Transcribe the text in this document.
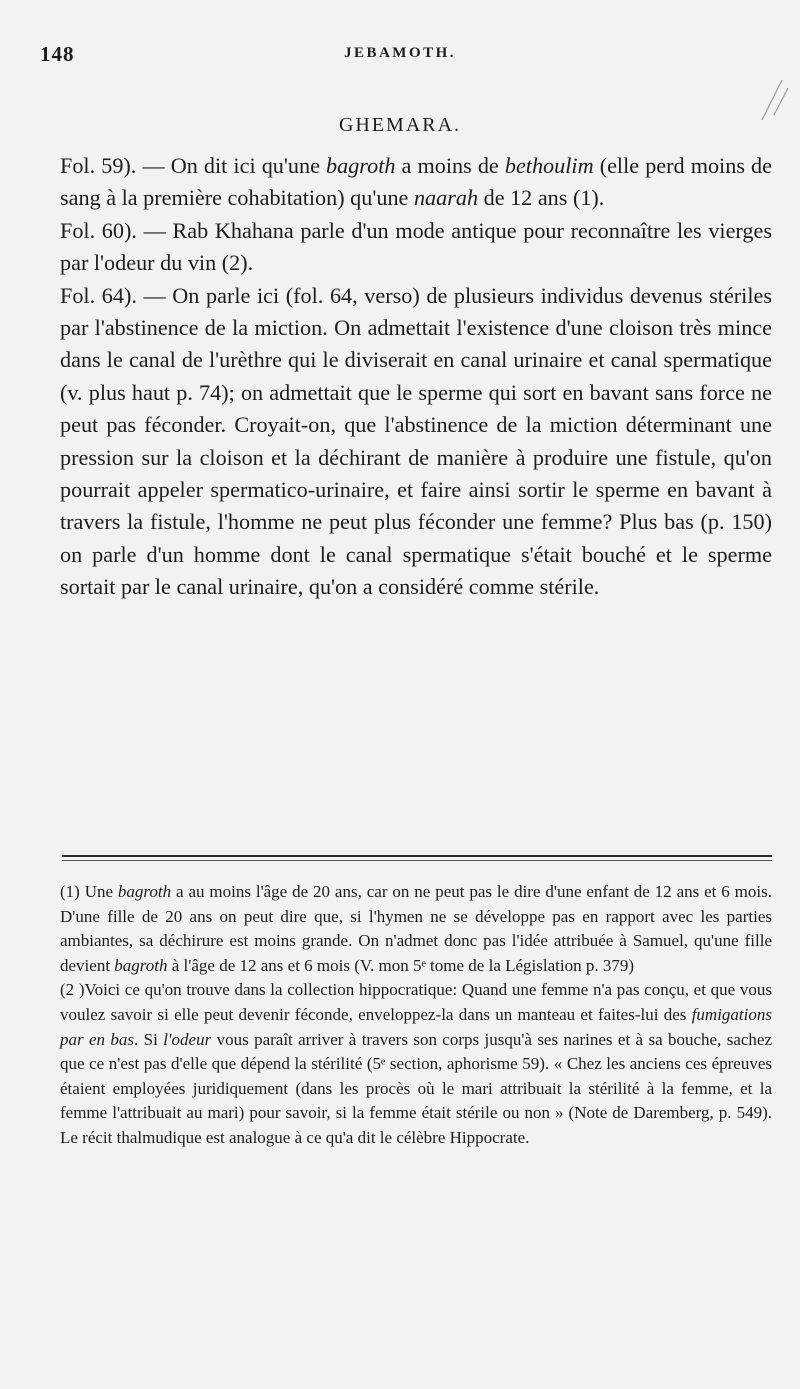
148	JEBAMOTH.
GHEMARA.

Fol. 59). — On dit ici qu'une bagroth a moins de bethoulim (elle perd moins de sang à la première cohabitation) qu'une naarah de 12 ans (1).

Fol. 60). — Rab Khahana parle d'un mode antique pour reconnaître les vierges par l'odeur du vin (2).

Fol. 64). — On parle ici (fol. 64, verso) de plusieurs individus devenus stériles par l'abstinence de la miction. On admettait l'existence d'une cloison très mince dans le canal de l'urèthre qui le diviserait en canal urinaire et canal spermatique (v. plus haut p. 74); on admettait que le sperme qui sort en bavant sans force ne peut pas féconder. Croyait-on, que l'abstinence de la miction déterminant une pression sur la cloison et la déchirant de manière à produire une fistule, qu'on pourrait appeler spermatico-urinaire, et faire ainsi sortir le sperme en bavant à travers la fistule, l'homme ne peut plus féconder une femme? Plus bas (p. 150) on parle d'un homme dont le canal spermatique s'était bouché et le sperme sortait par le canal urinaire, qu'on a considéré comme stérile.

(1) Une bagroth a au moins l'âge de 20 ans, car on ne peut pas le dire d'une enfant de 12 ans et 6 mois. D'une fille de 20 ans on peut dire que, si l'hymen ne se développe pas en rapport avec les parties ambiantes, sa déchirure est moins grande. On n'admet donc pas l'idée attribuée à Samuel, qu'une fille devient bagroth à l'âge de 12 ans et 6 mois (V. mon 5ᵉ tome de la Législation p. 379)

(2 )Voici ce qu'on trouve dans la collection hippocratique: Quand une femme n'a pas conçu, et que vous voulez savoir si elle peut devenir féconde, enveloppez-la dans un manteau et faites-lui des fumigations par en bas. Si l'odeur vous paraît arriver à travers son corps jusqu'à ses narines et à sa bouche, sachez que ce n'est pas d'elle que dépend la stérilité (5ᵉ section, aphorisme 59). « Chez les anciens ces épreuves étaient employées juridiquement (dans les procès où le mari attribuait la stérilité à la femme, et la femme l'attribuait au mari) pour savoir, si la femme était stérile ou non » (Note de Daremberg, p. 549). Le récit thalmudique est analogue à ce qu'a dit le célèbre Hippocrate.
